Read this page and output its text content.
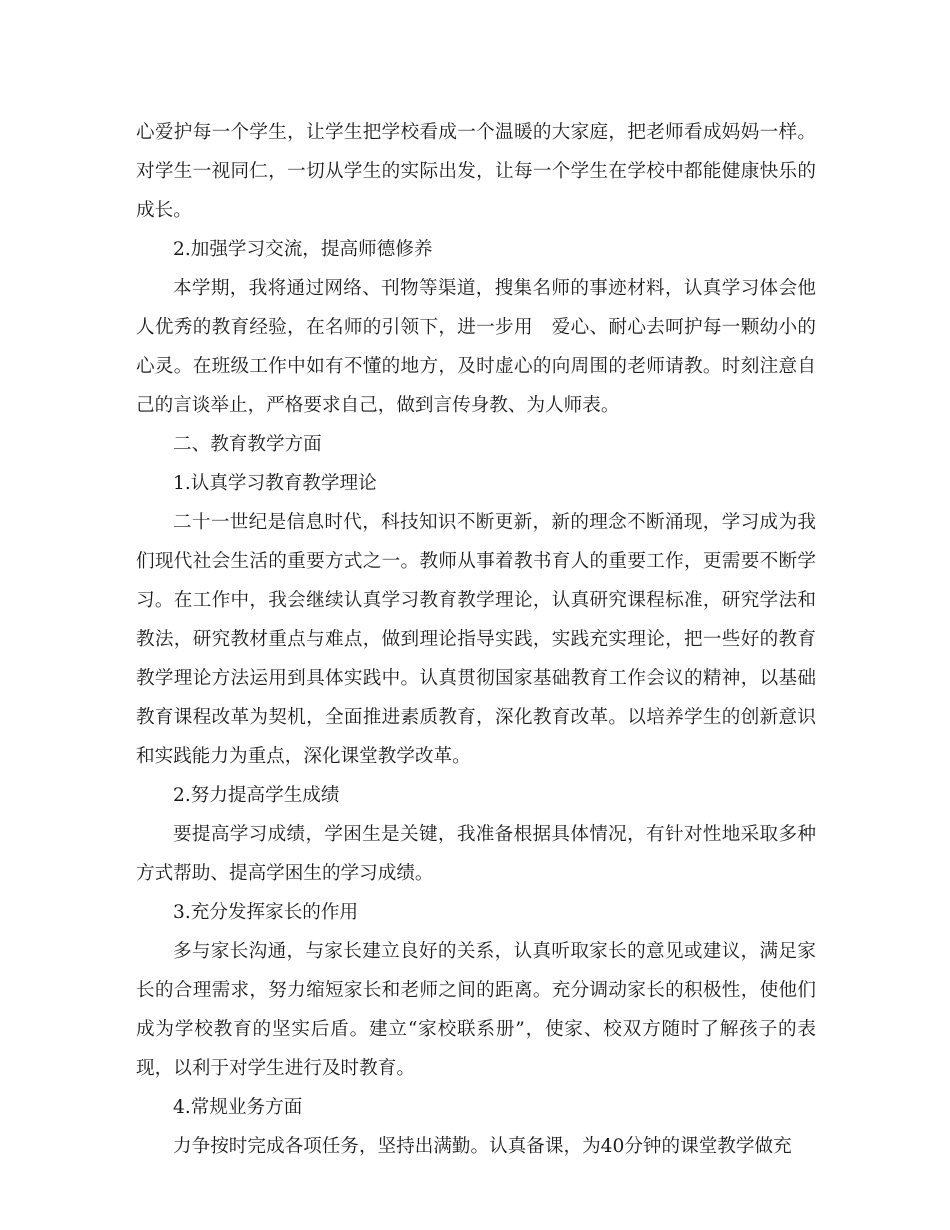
心爱护每一个学生，让学生把学校看成一个温暖的大家庭，把老师看成妈妈一样。对学生一视同仁，一切从学生的实际出发，让每一个学生在学校中都能健康快乐的成长。

2.加强学习交流，提高师德修养

本学期，我将通过网络、刊物等渠道，搜集名师的事迹材料，认真学习体会他人优秀的教育经验，在名师的引领下，进一步用　爱心、耐心去呵护每一颗幼小的心灵。在班级工作中如有不懂的地方，及时虚心的向周围的老师请教。时刻注意自己的言谈举止，严格要求自己，做到言传身教、为人师表。

二、教育教学方面

1.认真学习教育教学理论

二十一世纪是信息时代，科技知识不断更新，新的理念不断涌现，学习成为我们现代社会生活的重要方式之一。教师从事着教书育人的重要工作，更需要不断学习。在工作中，我会继续认真学习教育教学理论，认真研究课程标准，研究学法和教法，研究教材重点与难点，做到理论指导实践，实践充实理论，把一些好的教育教学理论方法运用到具体实践中。认真贯彻国家基础教育工作会议的精神，以基础教育课程改革为契机，全面推进素质教育，深化教育改革。以培养学生的创新意识和实践能力为重点，深化课堂教学改革。

2.努力提高学生成绩

要提高学习成绩，学困生是关键，我准备根据具体情况，有针对性地采取多种方式帮助、提高学困生的学习成绩。

3.充分发挥家长的作用

多与家长沟通，与家长建立良好的关系，认真听取家长的意见或建议，满足家长的合理需求，努力缩短家长和老师之间的距离。充分调动家长的积极性，使他们成为学校教育的坚实后盾。建立“家校联系册”，使家、校双方随时了解孩子的表现，以利于对学生进行及时教育。

4.常规业务方面

力争按时完成各项任务，坚持出满勤。认真备课，为40分钟的课堂教学做充
